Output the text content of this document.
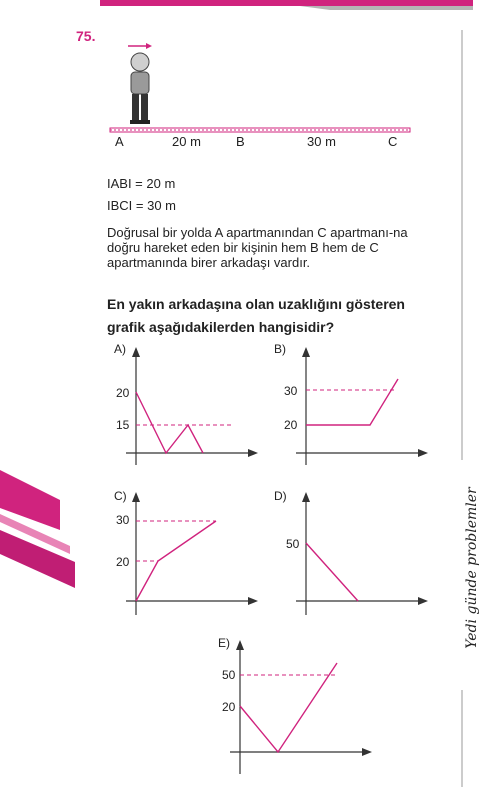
75.
A	20 m	B	30 m	C
IABI = 20 m
IBCI = 30 m
Doğrusal bir yolda A apartmanından C apartmanı-na doğru hareket eden bir kişinin hem B hem de C apartmanında birer arkadaşı vardır.
En yakın arkadaşına olan uzaklığını gösteren grafik aşağıdakilerden hangisidir?
A)
20
15
B)
30
20
C)
30
20
D)
50
E)
50
20
Yedi günde problemler
